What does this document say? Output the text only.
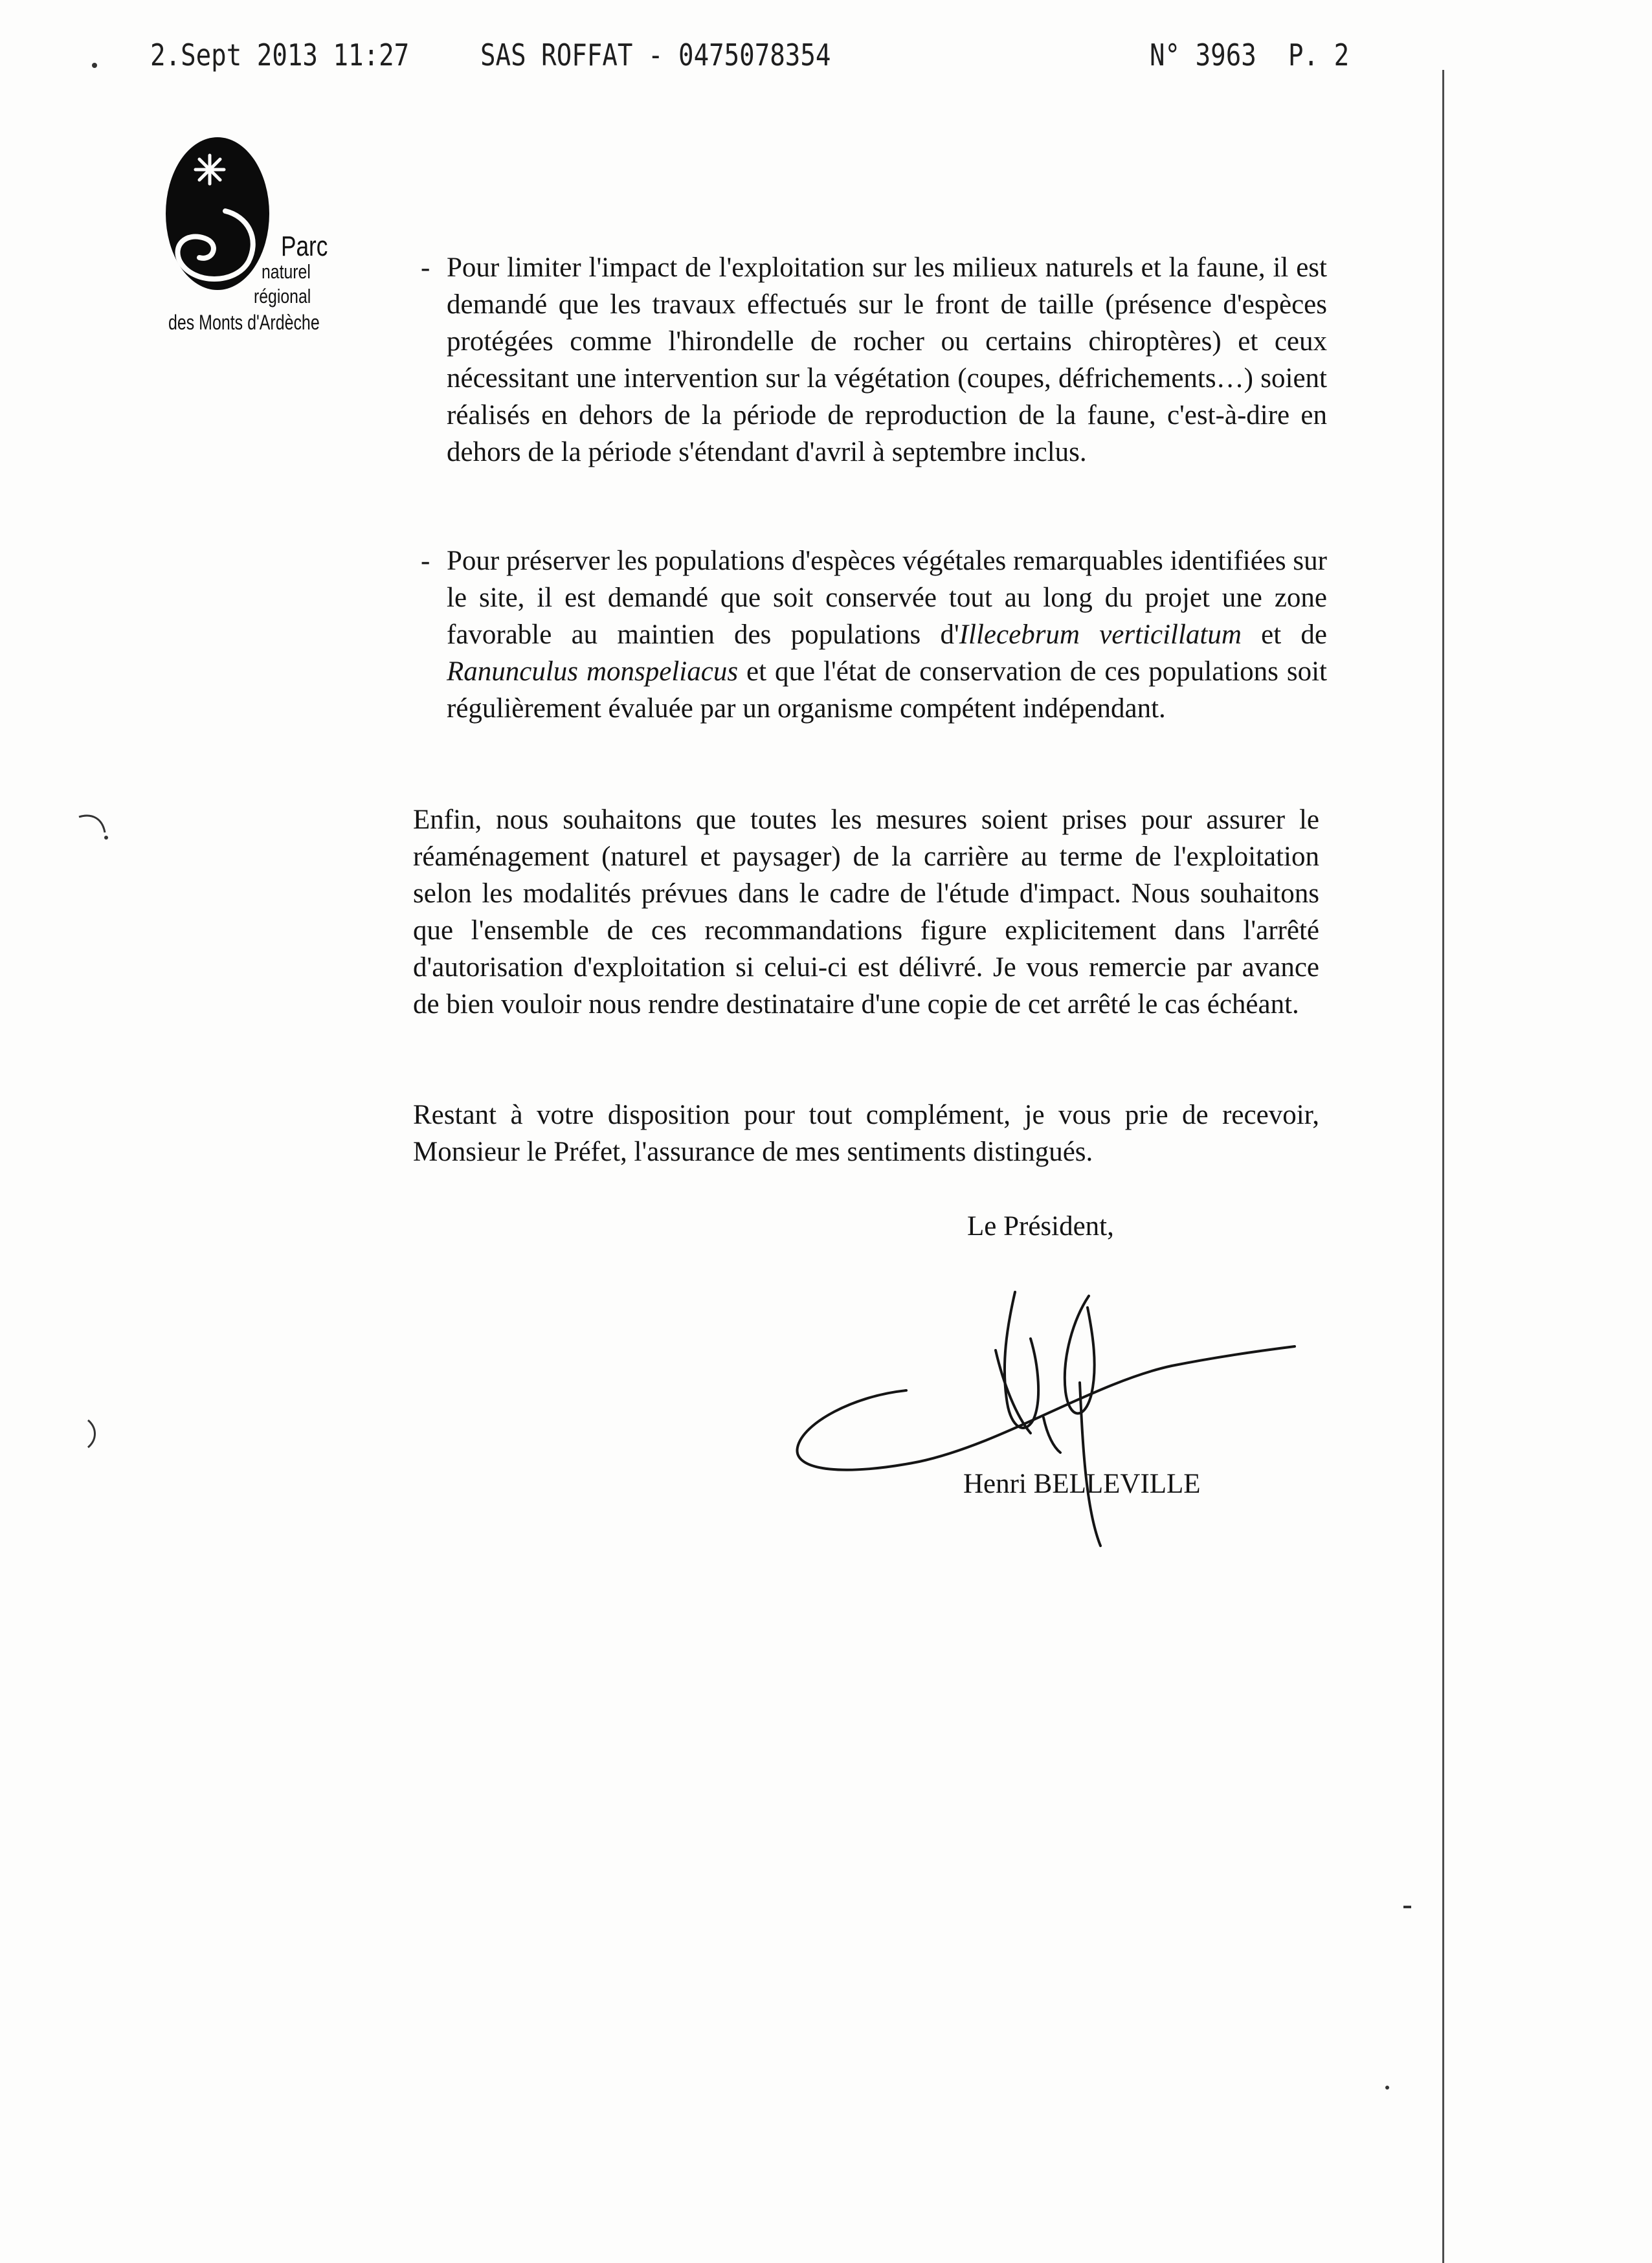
2.Sept 2013 11:27 SAS ROFFAT - 0475078354	N° 3963 P. 2
Parc
naturel
régional
des Monts d'Ardèche
- Pour limiter l'impact de l'exploitation sur les milieux naturels et la faune, il est demandé que les travaux effectués sur le front de taille (présence d'espèces protégées comme l'hirondelle de rocher ou certains chiroptères) et ceux nécessitant une intervention sur la végétation (coupes, défrichements…) soient réalisés en dehors de la période de reproduction de la faune, c'est-à-dire en dehors de la période s'étendant d'avril à septembre inclus.
- Pour préserver les populations d'espèces végétales remarquables identifiées sur le site, il est demandé que soit conservée tout au long du projet une zone favorable au maintien des populations d'Illecebrum verticillatum et de Ranunculus monspeliacus et que l'état de conservation de ces populations soit régulièrement évaluée par un organisme compétent indépendant.

Enfin, nous souhaitons que toutes les mesures soient prises pour assurer le réaménagement (naturel et paysager) de la carrière au terme de l'exploitation selon les modalités prévues dans le cadre de l'étude d'impact. Nous souhaitons que l'ensemble de ces recommandations figure explicitement dans l'arrêté d'autorisation d'exploitation si celui-ci est délivré. Je vous remercie par avance de bien vouloir nous rendre destinataire d'une copie de cet arrêté le cas échéant.

Restant à votre disposition pour tout complément, je vous prie de recevoir, Monsieur le Préfet, l'assurance de mes sentiments distingués.

Le Président,
Henri BELLEVILLE
